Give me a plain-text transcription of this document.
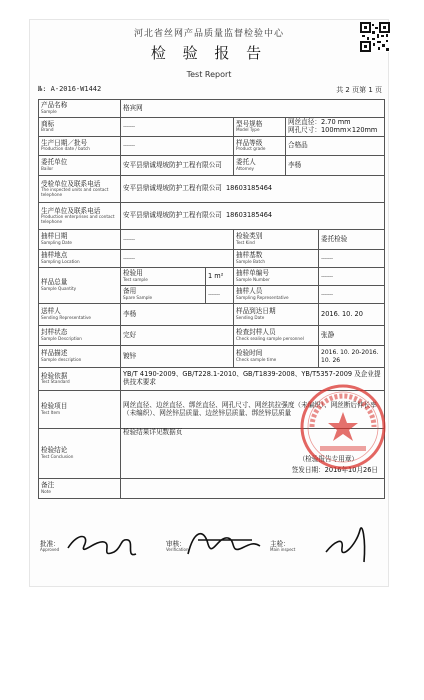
河北省丝网产品质量监督检验中心
检 验 报 告
Test Report
№: A-2016-W1442	共 2 页第 1 页
产品名称
Sample	格宾网				

商标
Brand	-------		型号规格
Model Type	网丝直径：2.70 mm
网孔尺寸：100mm×120mm	

生产日期／批号
Production date / batch	-------		样品等级
Product grade	合格品	

委托单位
Bailor	安平县鼎诚堤坡防护工程有限公司		委托人
Attorney	李杨	

受检单位及联系电话
The inspected units and contact telephone	安平县鼎诚堤坡防护工程有限公司 18603185464				

生产单位及联系电话
Production enterprises and contact telephone	安平县鼎诚堤坡防护工程有限公司 18603185464				

抽样日期
Sampling Date	-------		检验类别
Test Kind		委托检验

抽样地点
Sampling Location	-------		抽样基数
Sample Batch		-------

样品总量
Sample Quantity	检验用
Test sample	1 m²	抽样单编号
Sample Number		-------

	备用
Spare Sample	-------	抽样人员
Sampling Representative		-------

送样人
Sending Representative	李杨		样品到达日期
Sending Date		2016. 10. 20

封样状态
Sample Description	完好		检查封样人员
Check sealing sample personnel		张静

样品描述
Sample description	镀锌		检验时间
Check sample time		2016. 10. 20-2016. 10. 26

检验依据
Test Standard	YB/T 4190-2009、GB/T228.1-2010、GB/T1839-2008、YB/T5357-2009 及企业提供技术要求				

检验项目
Test Item	网丝直径、边丝直径、绑丝直径、网孔尺寸、网丝抗拉强度（未编织）、网丝断后伸长率（未编织）、网丝锌层质量、边丝锌层质量、绑丝锌层质量				

检验结论
Test Conclusion	检验结果详见数据页
（检验报告专用章）
签发日期：2016年10月26日				

备注
Note					

批准：
Approved
审核：
Verification
主检：
Main inspect
